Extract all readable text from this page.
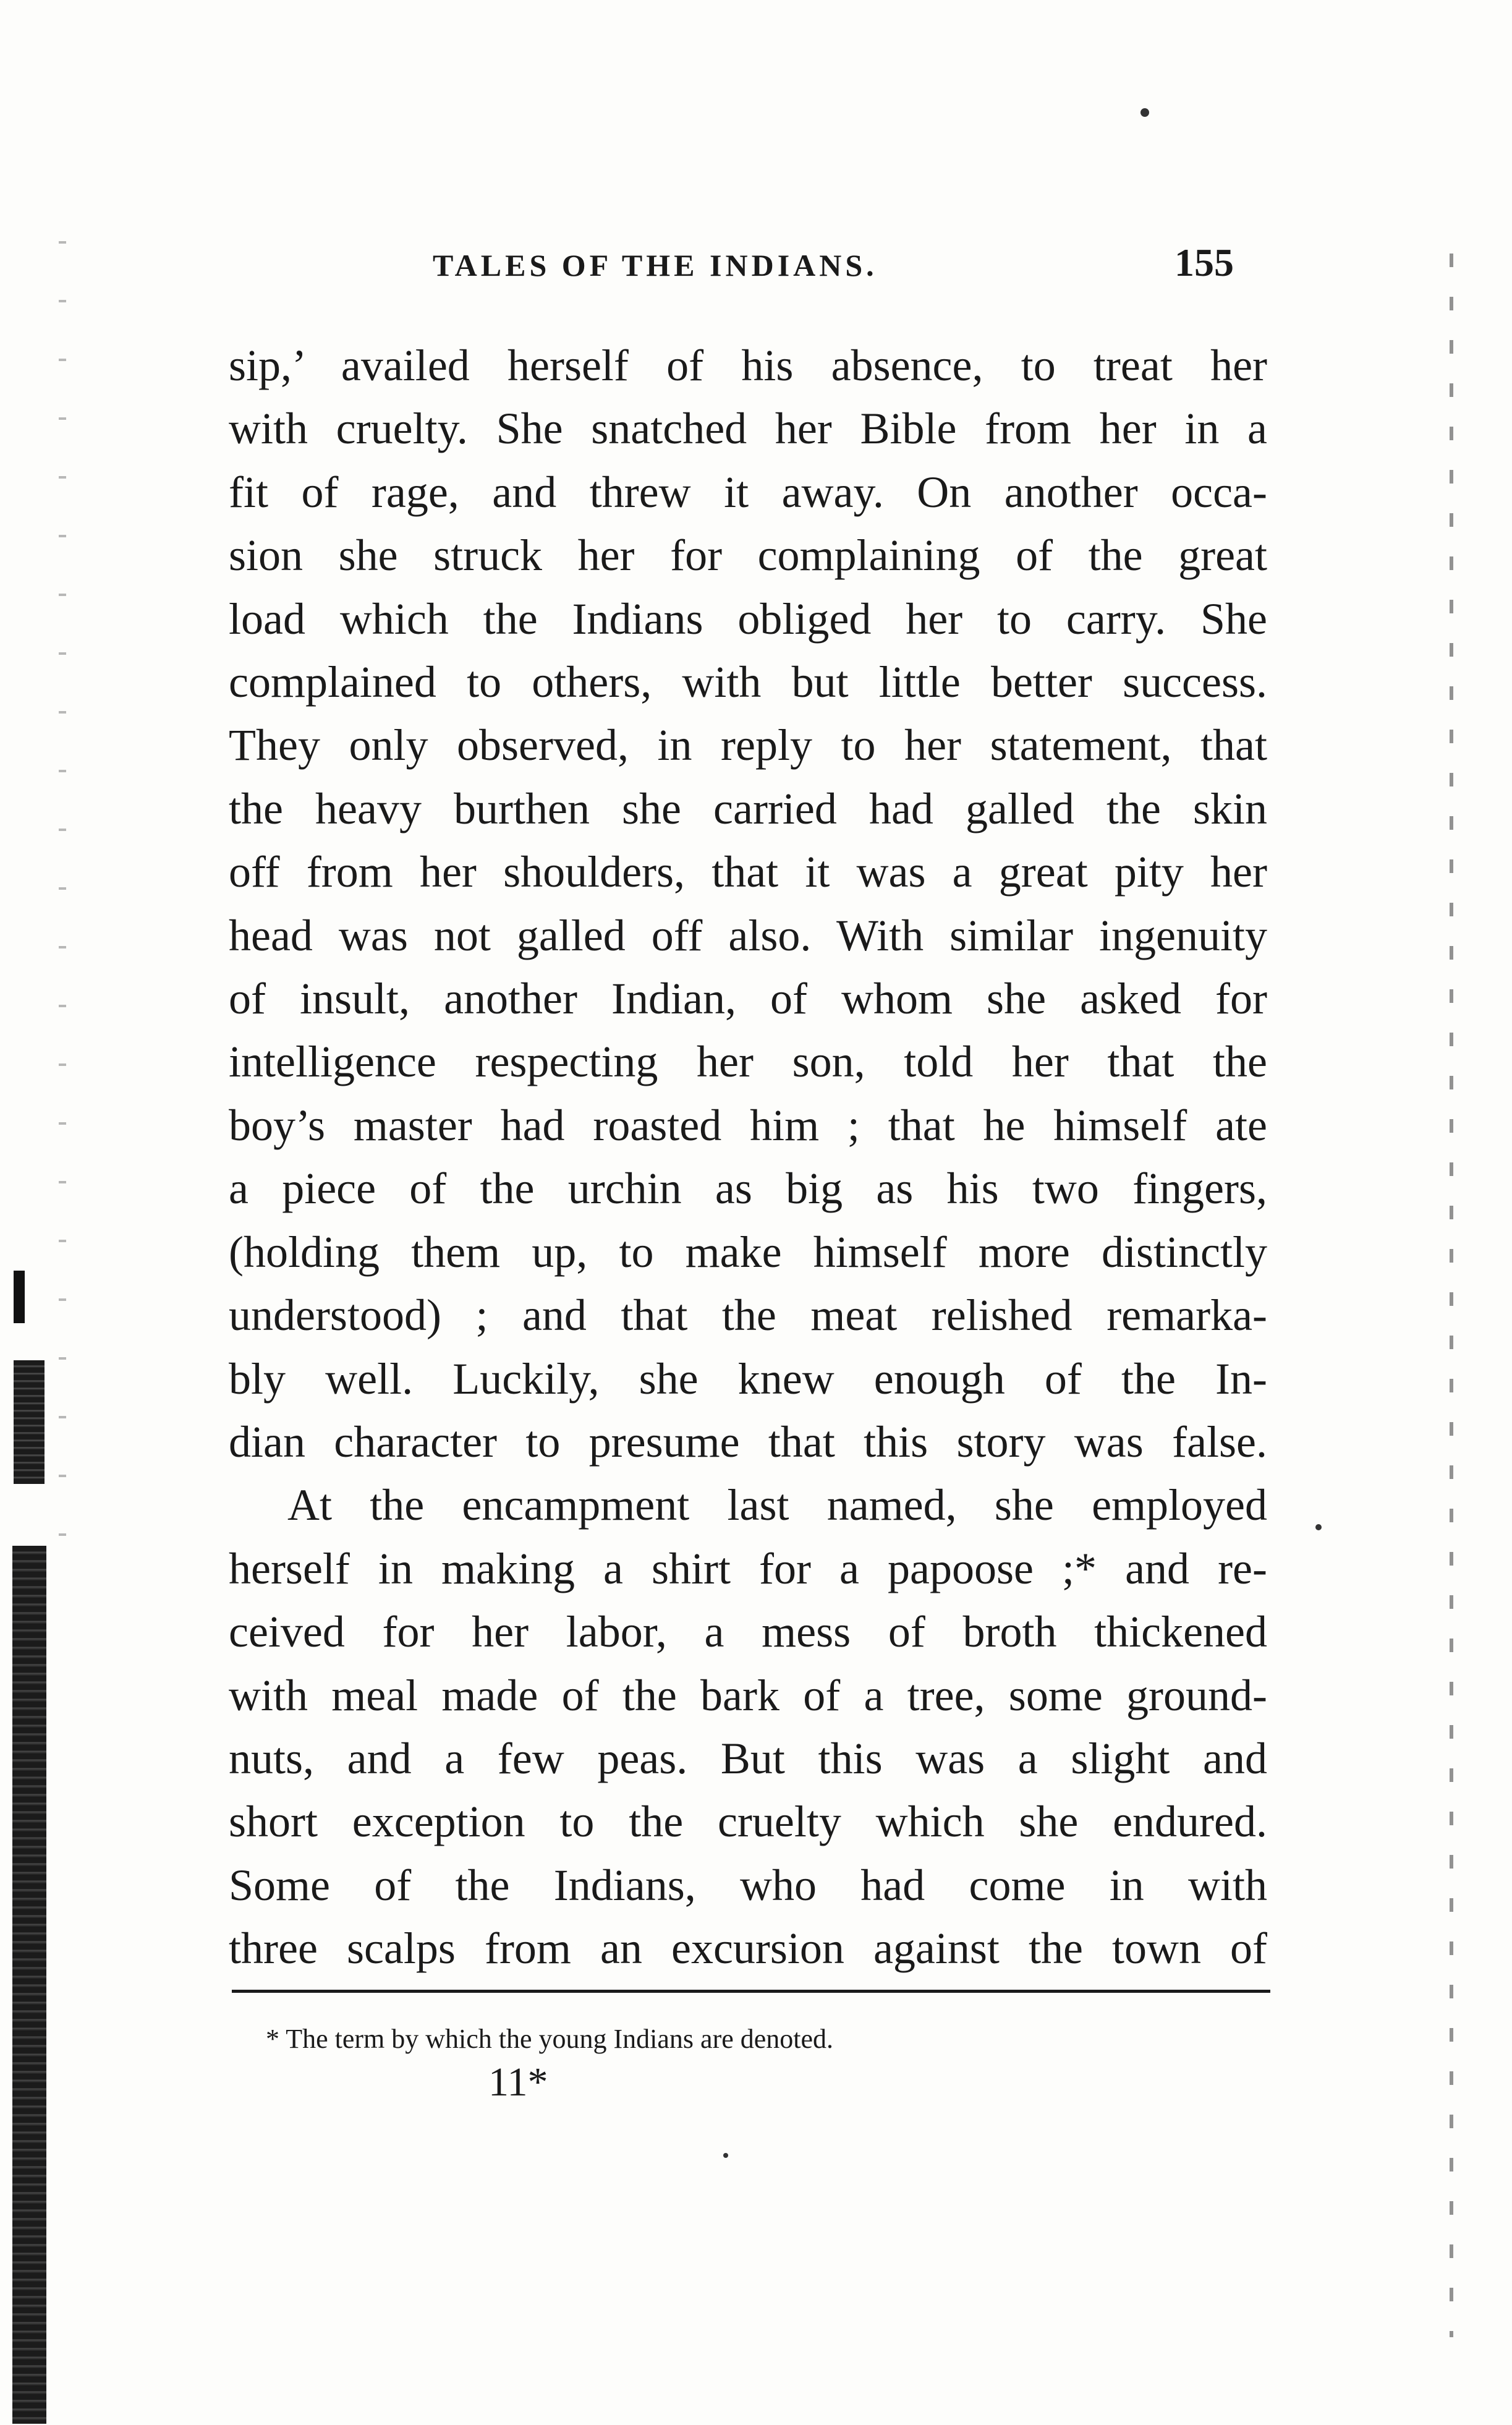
TALES OF THE INDIANS.	155
sip,’ availed herself of his absence, to treat her
with cruelty. She snatched her Bible from her in a
fit of rage, and threw it away. On another occa-
sion she struck her for complaining of the great
load which the Indians obliged her to carry. She
complained to others, with but little better success.
They only observed, in reply to her statement, that
the heavy burthen she carried had galled the skin
off from her shoulders, that it was a great pity her
head was not galled off also. With similar ingenuity
of insult, another Indian, of whom she asked for
intelligence respecting her son, told her that the
boy’s master had roasted him ; that he himself ate
a piece of the urchin as big as his two fingers,
(holding them up, to make himself more distinctly
understood) ; and that the meat relished remarka-
bly well. Luckily, she knew enough of the In-
dian character to presume that this story was false.
At the encampment last named, she employed
herself in making a shirt for a papoose ;* and re-
ceived for her labor, a mess of broth thickened
with meal made of the bark of a tree, some ground-
nuts, and a few peas. But this was a slight and
short exception to the cruelty which she endured.
Some of the Indians, who had come in with
three scalps from an excursion against the town of
* The term by which the young Indians are denoted.
11*
